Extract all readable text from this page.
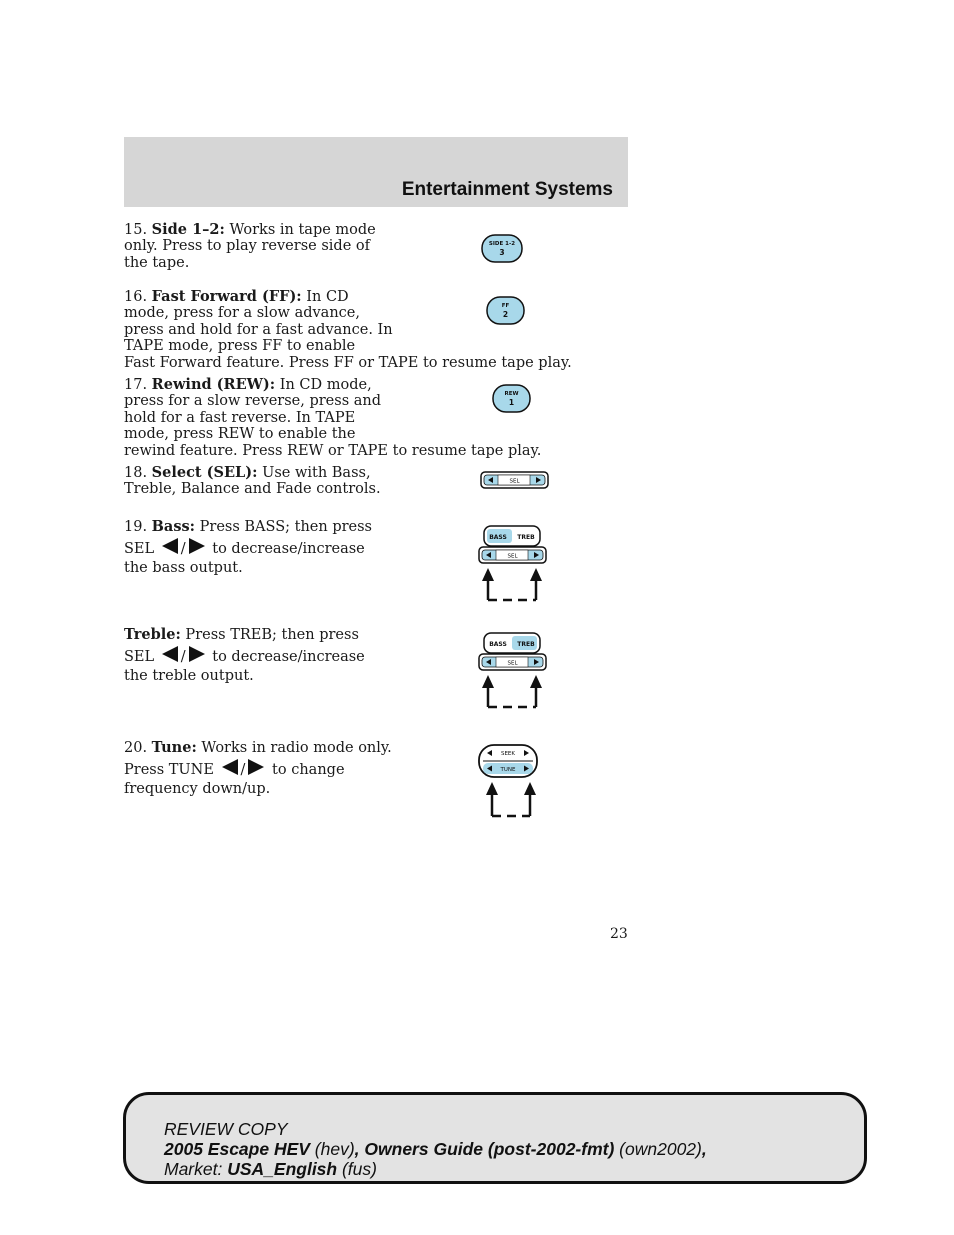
Entertainment Systems
15. Side 1–2: Works in tape mode
only. Press to play reverse side of
the tape.
SIDE 1-2
3
16. Fast Forward (FF): In CD
mode, press for a slow advance,
press and hold for a fast advance. In
TAPE mode, press FF to enable
Fast Forward feature. Press FF or TAPE to resume tape play.
FF
2
17. Rewind (REW): In CD mode,
press for a slow reverse, press and
hold for a fast reverse. In TAPE
mode, press REW to enable the
rewind feature. Press REW or TAPE to resume tape play.
REW
1
18. Select (SEL): Use with Bass,
Treble, Balance and Fade controls.	SEL
19. Bass: Press BASS; then press
SEL / to decrease/increase
the bass output.
BASS TREB
SEL
Treble: Press TREB; then press
SEL / to decrease/increase
the treble output.
BASS TREB
SEL
20. Tune: Works in radio mode only.
Press TUNE / to change
frequency down/up.
SEEK
TUNE
23
REVIEW COPY
2005 Escape HEV (hev), Owners Guide (post-2002-fmt) (own2002),
Market: USA_English (fus)
